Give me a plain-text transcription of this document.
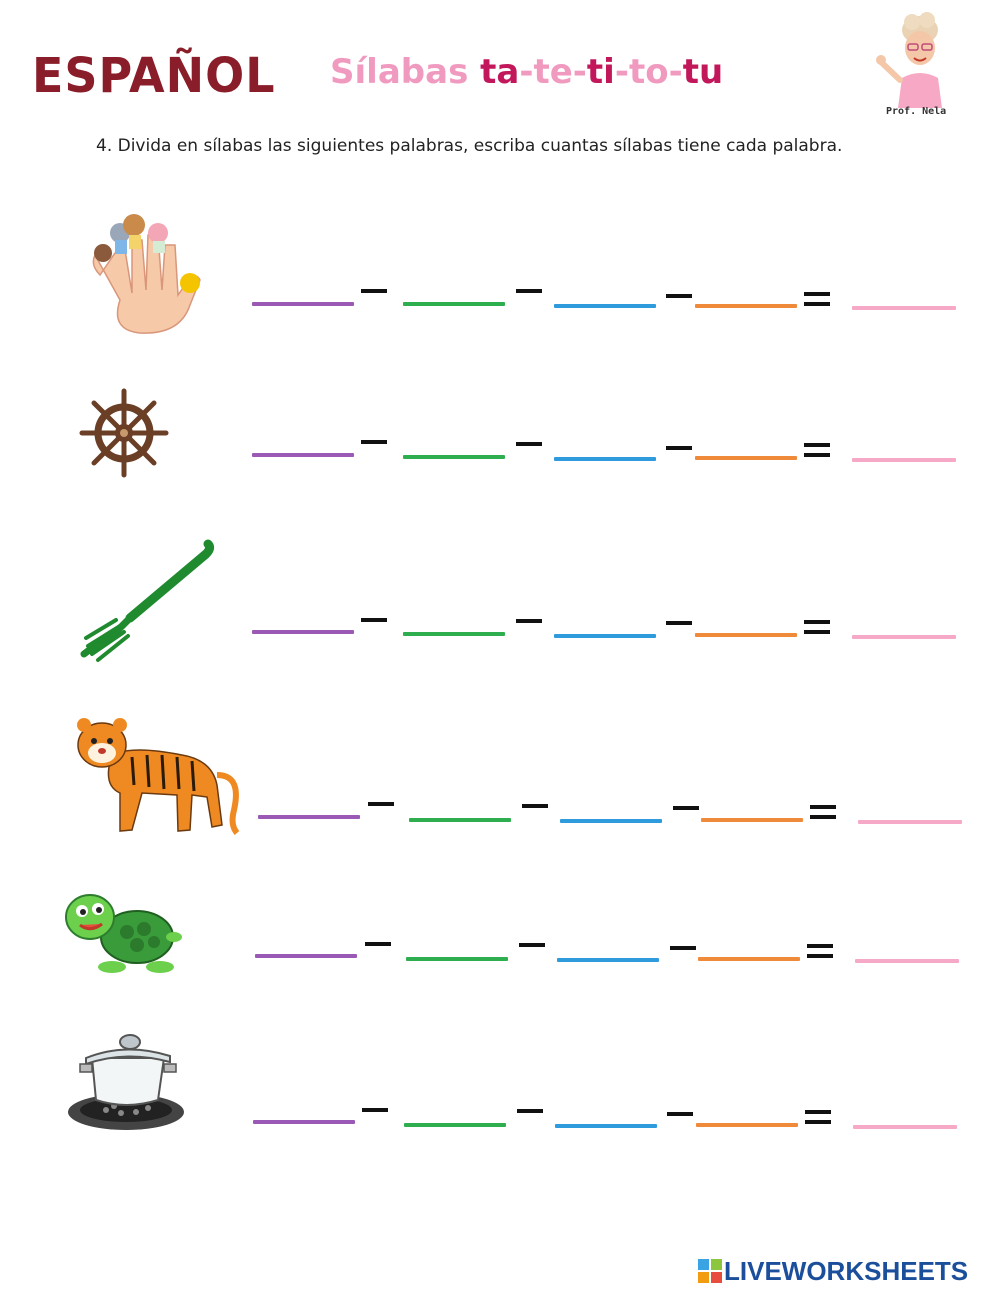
ESPAÑOL Sílabas ta-te-ti-to-tu
Prof. Nela
4. Divida en sílabas las siguientes palabras, escriba cuantas sílabas tiene cada palabra.
LIVEWORKSHEETS
